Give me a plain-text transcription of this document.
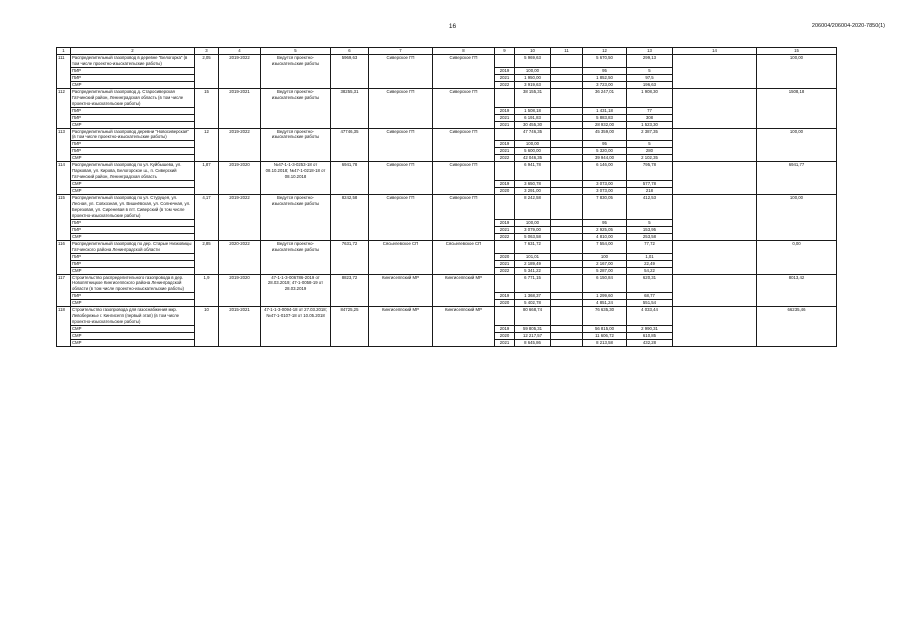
16	206004/206004-2020-7850(1)
1	2	3	4	5	6	7	8	9	10	11	12	13	14	15
111	Распределительный газопровод в деревне "Белогорка" (в том числе проектно-изыскательские работы)	2,05	2019-2022	Ведутся проектно-изыскательские работы	5969,63	Сиверское ГП	Сиверское ГП		5 969,63		5 670,50	299,13		100,00
	ПИР							2019	100,00		95	5		
	ПИР							2021	1 950,00		1 852,50	97,5		
	СМР							2022	3 919,63		3 723,00	196,63		
112	Распределительный газопровод д. Старосиверская Гатчинский район, Ленинградская область (в том числе проектно-изыскательские работы)	15	2019-2021	Ведутся проектно-изыскательские работы	38255,31	Сиверское ГП	Сиверское ГП		38 155,31		36 247,01	1 908,30		1508,18
	ПИР							2019	1 508,18		1 431,18	77		
	ПИР							2021	6 191,83		5 883,83	308		
	СМР							2021	30 455,30		28 932,00	1 523,30		
113	Распределительный газопровод деревни "Новосиверская" (в том числе проектно-изыскательские работы)	12	2019-2022	Ведутся проектно-изыскательские работы	47746,35	Сиверское ГП	Сиверское ГП		47 746,35		45 359,00	2 387,35		100,00
	ПИР							2019	100,00		95	5		
	ПИР							2021	5 600,00		5 320,00	280		
	СМР							2022	42 046,35		39 944,00	2 102,35		
114	Распределительный газопровод по ул. Куйбышева, ул. Парковая, ул. Кирова, Белогорское ш., п. Сиверский Гатчинский район, Ленинградская область	1,87	2019-2020	№47-1-1-3-0253-18 от 08.10.2018; №47-1-0218-18 от 08.10.2018	6941,78	Сиверское ГП	Сиверское ГП		6 941,78		6 146,00	795,78		6941,77
	СМР							2019	3 650,78		3 073,00	577,78		
	СМР							2020	3 291,00		3 073,00	218		
115	Распределительный газопровод по ул. Стуруцея, ул. Лесная, ул. Совхозная, ул. Вишнёвская, ул. Солнечная, ул. Березовая, ул. Сиреневая в пгт. Сиверский (в том числе проектно-изыскательские работы)	4,17	2019-2022	Ведутся проектно-изыскательские работы	8242,58	Сиверское ГП	Сиверское ГП		8 242,58		7 830,05	412,53		100,00
	ПИР							2019	100,00		95	5		
	ПИР							2021	3 079,00		2 925,05	153,95		
	СМР							2022	5 063,58		4 810,00	253,58		
116	Распределительный газопровод по дер. Старые Низковицы Гатчинского района Ленинградской области	2,85	2020-2022	Ведутся проектно-изыскательские работы	7631,72	Сясьелевское СП	Сясьелевское СП		7 631,72		7 554,00	77,72		0,00
	ПИР							2020	101,01		100	1,01		
	ПИР							2021	2 189,49		2 167,00	22,49		
	СМР							2022	5 341,22		5 287,00	54,22		
117	Строительство распределительного газопровода в дер. Новопятницкое Кингисеппского района Ленинградской области (в том числе проектно-изыскательские работы)	1,9	2019-2020	47-1-1-3-006786-2019 от 28.03.2019; 47-1-0058-19 от 28.03.2019	8823,72	Кингисеппский МР	Кингисеппский МР		6 771,15		6 150,84	620,31		8013,42
	ПИР							2019	1 368,37		1 299,60	68,77		
	СМР							2020	5 402,78		4 851,24	551,54		
118	Строительство газопровода для газоснабжения мкр. Левобережье г. Кингисепп (первый этап) (в том числе проектно-изыскательские работы)	10	2015-2021	47-1-1-3-0094-18 от 27.03.2018; №47-1-0107-18 от 10.05.2018	84725,25	Кингисеппский МР	Кингисеппский МР		80 668,74		76 635,30	4 033,44		66235,46
	СМР							2019	59 805,31		56 815,00	2 990,31		
	СМР							2020	12 217,57		11 606,72	610,85		
	СМР							2021	8 645,86		8 213,58	432,28		
